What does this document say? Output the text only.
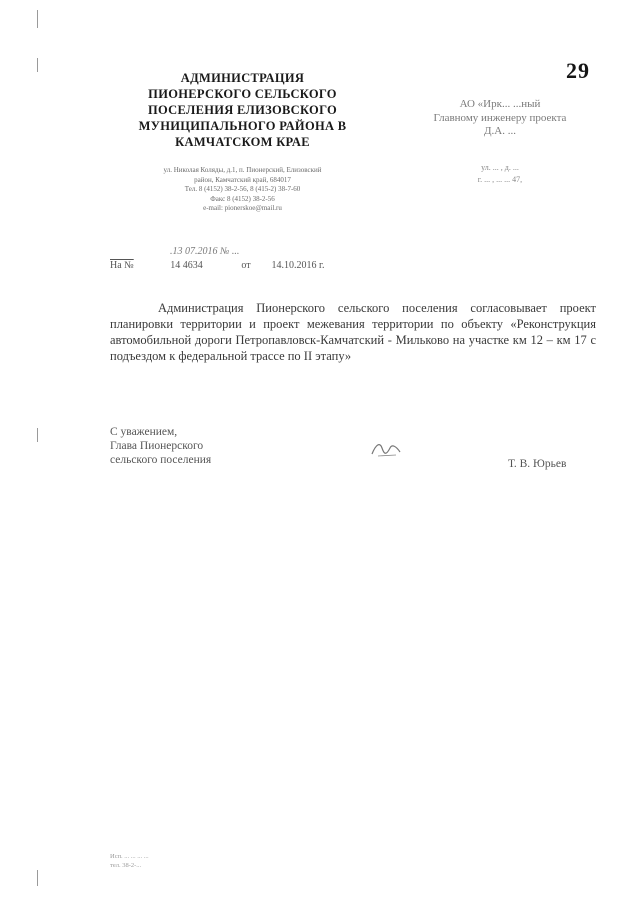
29
АДМИНИСТРАЦИЯ
ПИОНЕРСКОГО СЕЛЬСКОГО
ПОСЕЛЕНИЯ ЕЛИЗОВСКОГО
МУНИЦИПАЛЬНОГО РАЙОНА В
КАМЧАТСКОМ КРАЕ
ул. Николая Коляды, д.1, п. Пионерский, Елизовский
район, Камчатский край, 684017
Тел. 8 (4152) 38-2-56, 8 (415-2) 38-7-60
Факс 8 (4152) 38-2-56
e-mail: pionerskoe@mail.ru
АО «Ирк... ...ный
Главному инженеру проекта
Д.А. ...
ул. ... , д. ...
г. ... , ... ... 47,
.13 07.2016 № ...
На №	14 4634	от 14.10.2016 г.
Администрация Пионерского сельского поселения согласовывает проект планировки территории и проект межевания территории по объекту «Реконструкция автомобильной дороги Петропавловск-Камчатский - Мильково на участке км 12 – км 17 с подъездом к федеральной трассе по II этапу»
С уважением,
Глава Пионерского
сельского поселения	Т. В. Юрьев
Исп. ... ... ... ...
тел. 38-2-...
